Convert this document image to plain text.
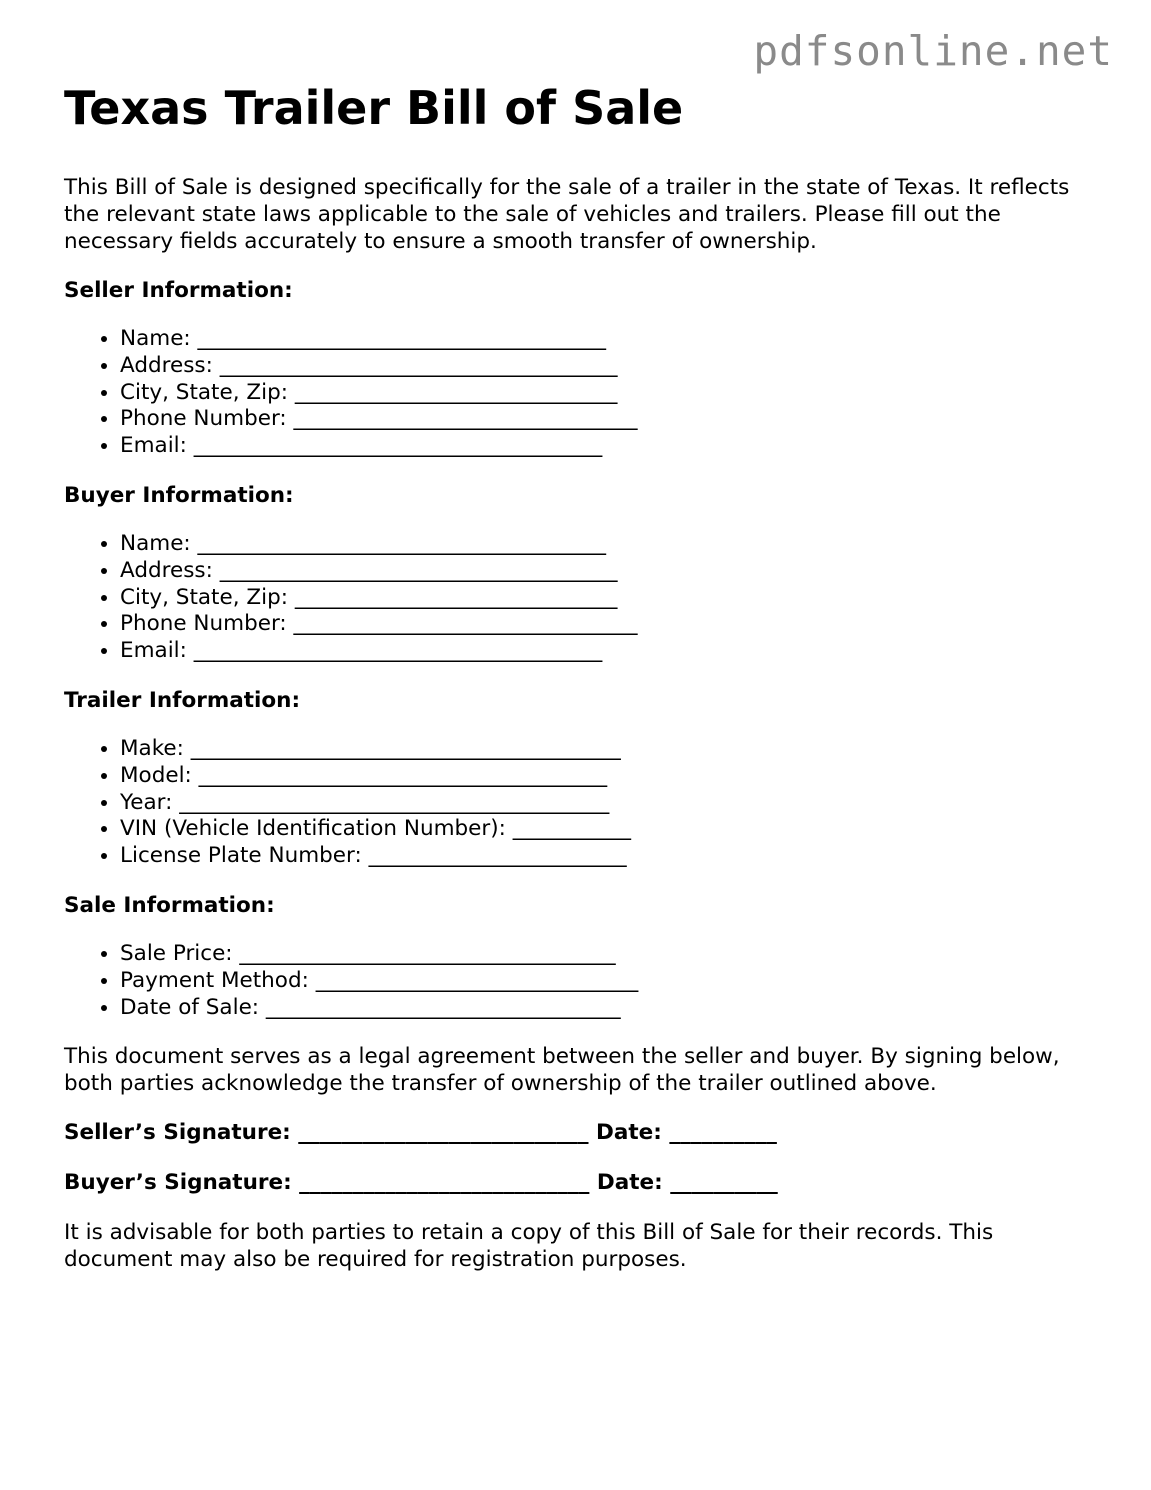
pdfsonline.net

Texas Trailer Bill of Sale

This Bill of Sale is designed specifically for the sale of a trailer in the state of Texas. It reflects the relevant state laws applicable to the sale of vehicles and trailers. Please fill out the necessary fields accurately to ensure a smooth transfer of ownership.

Seller Information:
• Name: ______________________________________
• Address: _____________________________________
• City, State, Zip: ______________________________
• Phone Number: ________________________________
• Email: ______________________________________
Buyer Information:
• Name: ______________________________________
• Address: _____________________________________
• City, State, Zip: ______________________________
• Phone Number: ________________________________
• Email: ______________________________________
Trailer Information:
• Make: ________________________________________
• Model: ______________________________________
• Year: ________________________________________
• VIN (Vehicle Identification Number): ___________
• License Plate Number: ________________________
Sale Information:
• Sale Price: ___________________________________
• Payment Method: ______________________________
• Date of Sale: _________________________________

This document serves as a legal agreement between the seller and buyer. By signing below, both parties acknowledge the transfer of ownership of the trailer outlined above.

Seller’s Signature: ___________________________ Date: __________
Buyer’s Signature: ___________________________ Date: __________

It is advisable for both parties to retain a copy of this Bill of Sale for their records. This document may also be required for registration purposes.
